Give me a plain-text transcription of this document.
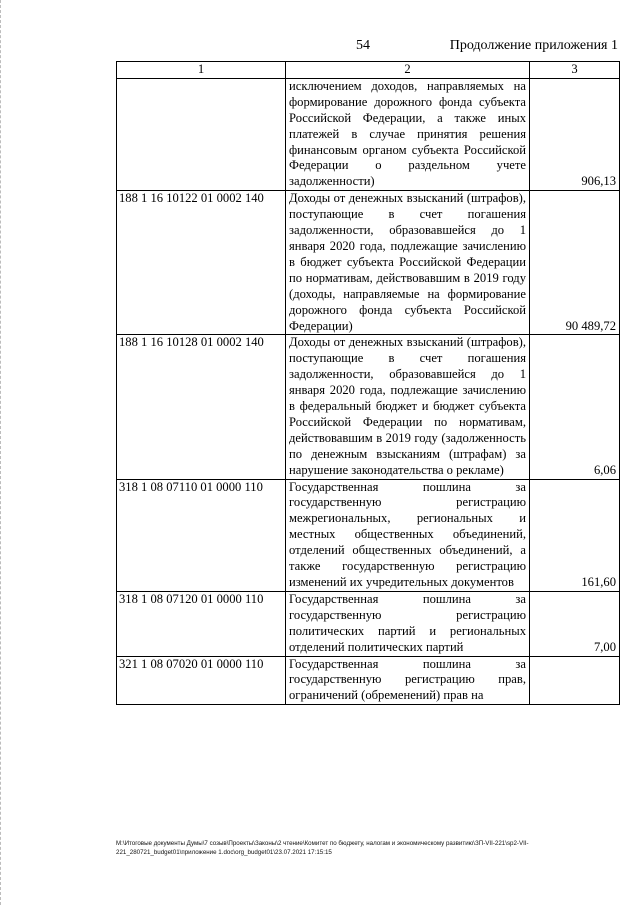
54	Продолжение приложения 1
1	2	3
	исключением доходов, направляемых на формирование дорожного фонда субъекта Российской Федерации, а также иных платежей в случае принятия решения финансовым органом субъекта Российской Федерации о раздельном учете задолженности)	906,13
188 1 16 10122 01 0002 140	Доходы от денежных взысканий (штрафов), поступающие в счет погашения задолженности, образовавшейся до 1 января 2020 года, подлежащие зачислению в бюджет субъекта Российской Федерации по нормативам, действовавшим в 2019 году (доходы, направляемые на формирование дорожного фонда субъекта Российской Федерации)	90 489,72
188 1 16 10128 01 0002 140	Доходы от денежных взысканий (штрафов), поступающие в счет погашения задолженности, образовавшейся до 1 января 2020 года, подлежащие зачислению в федеральный бюджет и бюджет субъекта Российской Федерации по нормативам, действовавшим в 2019 году (задолженность по денежным взысканиям (штрафам) за нарушение законодательства о рекламе)	6,06
318 1 08 07110 01 0000 110	Государственная пошлина за государственную регистрацию межрегиональных, региональных и местных общественных объединений, отделений общественных объединений, а также государственную регистрацию изменений их учредительных документов	161,60
318 1 08 07120 01 0000 110	Государственная пошлина за государственную регистрацию политических партий и региональных отделений политических партий	7,00
321 1 08 07020 01 0000 110	Государственная пошлина за государственную регистрацию прав, ограничений (обременений) прав на	
M:\Итоговые документы Думы\7 созыв\Проекты\Законы\2 чтение\Комитет по бюджету, налогам и экономическому развитию\ЗП-VII-221\sp2-VII-221_280721_budget01\приложение 1.doc\org_budget01\23.07.2021 17:15:15
